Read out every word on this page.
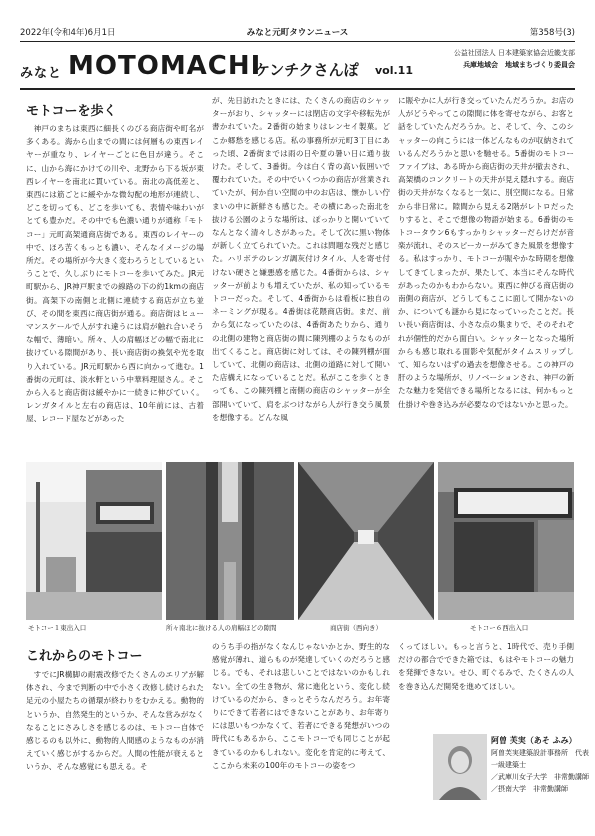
2022年(令和4年)6月1日	みなと元町タウンニュース	第358号(3)
みなと MOTOMACHI
ケンチクさんぽ vol.11
公益社団法人 日本建築家協会近畿支部
兵庫地域会　地域まちづくり委員会
モトコーを歩く
神戸のまちは東西に細長くのびる商店街や町名が多くある。海から山までの間には何層もの東西レイヤーが重なり、レイヤーごとに色目が違う。そこに、山から海にかけての川や、北野から下る坂が東西レイヤーを南北に貫いている。南北の高低差と、東西には筋ごとに緩やかな微勾配の地形が連続し、どこを切っても、どこを歩いても、表情や味わいがとても豊かだ。その中でも色濃い通りが通称「モトコー」元町高架通商店街である。東西のレイヤーの中で、ほろ苦くもっとも濃い、そんなイメージの場所だ。その場所が今大きく変わろうとしているということで、久しぶりにモトコーを歩いてみた。JR元町駅から、JR神戸駅までの線路の下の約1kmの商店街。高架下の南側と北側に連続する商店が立ち並び、その間を東西に商店街が通る。商店街はヒューマンスケールで人がすれ違うには肩が触れ合いそうな幅で、薄暗い。所々、人の肩幅ほどの幅で南北に抜けている隙間があり、長い商店街の換気や光を取り入れている。JR元町駅から西に向かって進む。1番街の元町は、淡水軒という中華料理屋さん。そこから入ると商店街は緩やかに一続きに伸びていく。レンガタイルと左右の商店は、10年前には、古着屋、レコード屋などがあった
が、先日訪れたときには、たくさんの商店のシャッターがおり、シャッターには閉店の文字や移転先が書かれていた。2番街の始まりはレンセイ製菓。どこか郷愁を感じる店。私の事務所が元町3丁目にあった頃、2番街までは雨の日や夏の暑い日に通り抜けた。そして、3番街。今は白く背の高い仮囲いで覆われていた。その中でいくつかの商店が営業されていたが、何か自い空間の中のお店は、懐かしい佇まいの中に新鮮さも感じた。その横にあった南北を抜ける公園のような場所は、ぽっかりと開いていてなんとなく清々しさがあった。そして次に黒い物体が新しく立てられていた。これは問題な残だと感じた。ハリボテのレンガ調灰付けタイル、人を寄せ付けない硬さと嫌悪感を感じた。4番街からは、シャッターが前よりも増えていたが、私の知っているモトコーだった。そして、4番街からは看板に独自のネーミングが現る。4番街は花隈商店街。まだ、前から気になっていたのは、4番街あたりから、通りの北側の建物と商店街の間に陳列棚のようなものが出てくること。商店街に対しては、その陳列棚が面していて、北側の商店は、北側の道路に対して開いた店構えになっていることだ。私がここを歩くときっても、この陳列棚と南側の商店のシャッターが全部開いていて、肩をぶつけながら人が行き交う風景を想像する。どんな風
に賑やかに人が行き交っていたんだろうか。お店の人がどうやってこの隙間に体を寄せながら、お客と話をしていたんだろうか。と、そして、今、このシャッターの向こうには一体どんなものが収納されているんだろうかと思いを馳せる。5番街のモトコーファイブは、ある時から商店街の天井が撤去され、高架橋のコンクリートの天井が見え隠れする。商店街の天井がなくなると一気に、別空間になる。日常から非日常に。隙間から見える2階がレトロだったりすると、そこで想像の物語が始まる。6番街のモトコータウン6もすっかりシャッターだらけだが音楽が流れ、そのスピーカーがみてきた風景を想像する。私はすっかり、モトコーが賑やかな時期を想像してきてしまったが、果たして、本当にそんな時代があったのかもわからない。東西に伸びる商店街の南側の商店が、どうしてもここに面して開かないのか、についても謎から見になっていったことだ。長い長い商店街は、小さな点の集まりで、そのそれぞれが個性的だから面白い。シャッターとなった場所からも感じ取れる面影や気配がタイムスリップして、知らないはずの過去を想像させる。この神戸の肝のような場所が、リノベーションされ、神戸の新たな魅力を発信できる場所となるには、何かもっと仕掛けや巻き込みが必要なのではないかと思った。
モトコー１東出入口	所々南北に抜ける人の肩幅ほどの隙間	商店街（西向き）	モトコー６西出入口
これからのモトコー
すでにJR構脚の耐震改修でたくさんのエリアが解体され、今まで判断の中で小さく改修し続けられた足元の小屋たちの循環が終わりをむかえる。動物的というか、自然発生的というか、そんな営みがなくなることにさみしさを感じるのは、モトコー自体で感じるのも以外に、動物的人間感のようなものが消えていく感じがするからだ。人間の性能が衰えるというか、そんな感覚にも思える。そ
のうち手の指がなくなんじゃないかとか、野生的な感覚が薄れ、道らものが発達していくのだろうと感じる。でも、それは悲しいことではないのかもしれない。全ての生き物が、常に進化という、変化し続けているのだから、きっとそうなんだろう。お年寄りにできて若者にはできないことがあり、お年寄りには思いもつかなくて、若者にできる発想がいつの時代にもあるから、ここモトコーでも同じことが起きているのかもしれない。変化を肯定的に考えて、ここから未来の100年のモトコーの姿をつ
くってほしい。もっと言うと、1時代で、売り手側だけの都合でできた箱では、もはやモトコーの魅力を発揮できない。せひ、町ぐるみで、たくさんの人を巻き込んだ開発を進めてほしい。
阿曽 芙実（あそ ふみ）
阿曽芙実建築設計事務所　代表
一級建築士
／武庫川女子大学　非常勤講師
／摂南大学　非常勤講師
